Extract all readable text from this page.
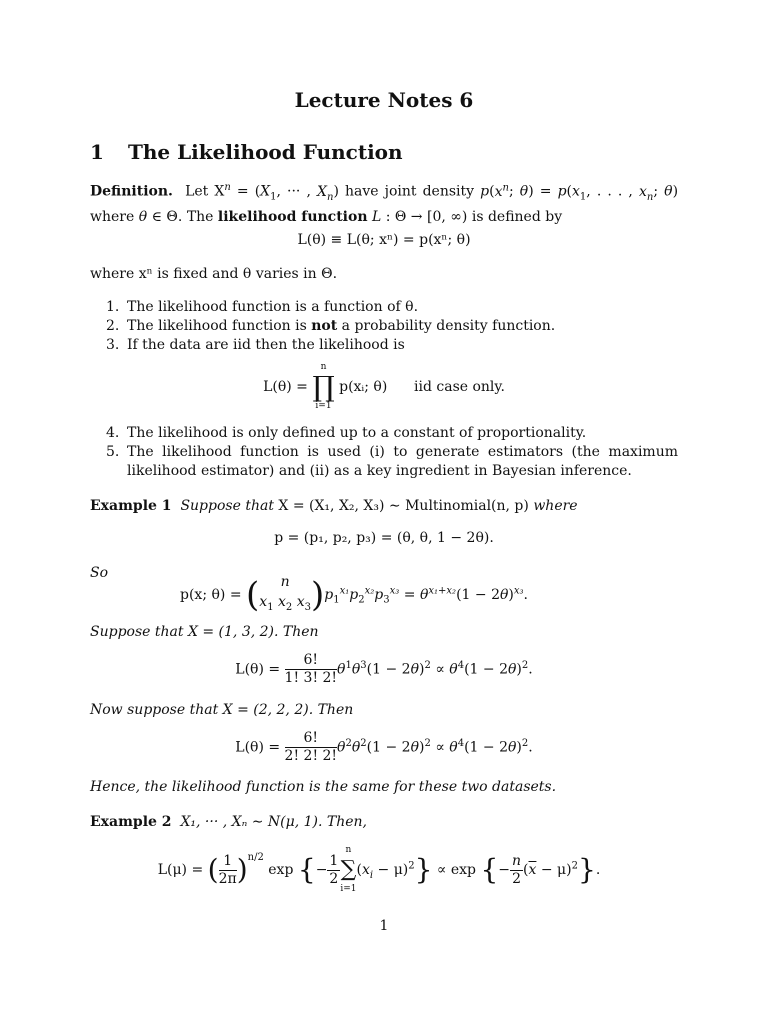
Lecture Notes 6
1 The Likelihood Function
Definition. Let $X^n = (X_1$, ··· , $X_n$) have joint density $p(x^n$; $\theta) = p(x_1$, . . . , $x_n$; θ) where θ ∈ Θ. The likelihood function L : Θ → [0, ∞) is defined by
L(θ) ≡ L(θ; xⁿ) = p(xⁿ; θ)
where xⁿ is fixed and θ varies in Θ.
1. The likelihood function is a function of θ.
2. The likelihood function is not a probability density function.
3. If the data are iid then the likelihood is
L(θ) =
n
∏
i=1
p(xᵢ; θ) iid case only.
4. The likelihood is only defined up to a constant of proportionality.
5. The likelihood function is used (i) to generate estimators (the maximum likelihood estimator) and (ii) as a key ingredient in Bayesian inference.
Example 1 Suppose that X = (X₁, X₂, X₃) ∼ Multinomial(n, p) where
p = (p₁, p₂, p₃) = (θ, θ, 1 − 2θ).
So
p(x; θ) = ( n
$x_1$ $x_2$ $x_3)p_1^{x_1}p_2^{x_2}p_3^{x_3} = \theta^{x_1+x_2}(1 - 2\theta)^{x_3}$.
Suppose that X = (1, 3, 2). Then
$L(\theta) = \frac{6!}{1! 3! 2!} \theta^1\theta^3(1 - 2\theta)^2 \propto \theta^4(1 - 2\theta)^2$.
Now suppose that X = (2, 2, 2). Then
$L(\theta) = \frac{6!}{2! 2! 2!} \theta^2\theta^2(1 - 2\theta)^2 \propto \theta^4(1 - 2\theta)^2$.
Hence, the likelihood function is the same for these two datasets.
Example 2 X₁, ··· , Xₙ ∼ N(μ, 1). Then,
L(μ) = ( $\frac{1}{2\pi} )^{n/2}$ exp {− $\frac{1}{2}$
n
∑
i=1
$(x_i - \mu)^2\} \propto \exp$ {− $\frac{n}{2} (\overline{x} - \mu)^2$}.
1
